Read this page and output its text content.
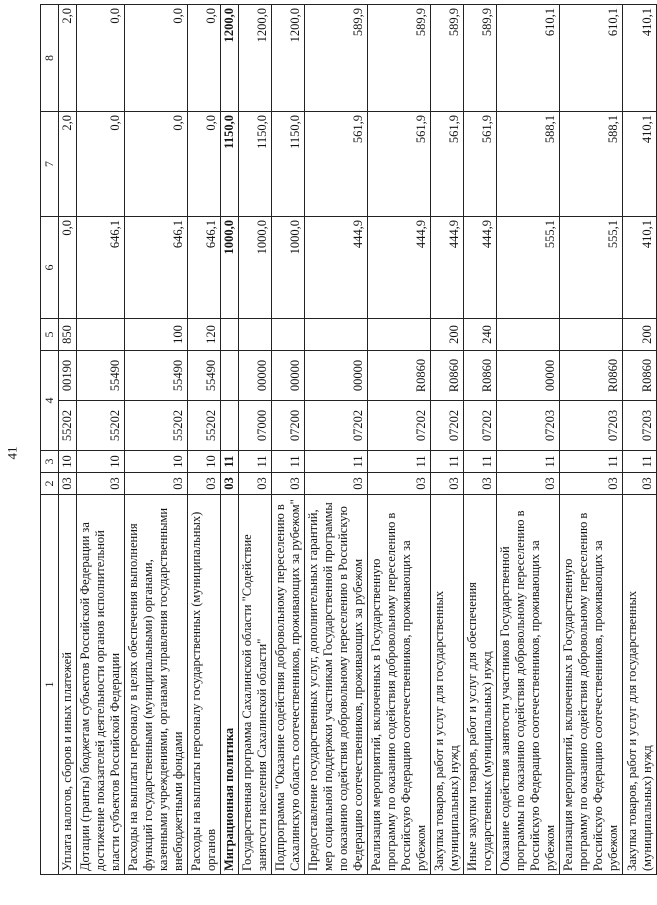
41
1	2	3	4		5	6	7	8
Уплата налогов, сборов и иных платежей	03	10	55202	00190	850	0,0	2,0	2,0
Дотации (гранты) бюджетам субъектов Российской Федерации за достижение показателей деятельности органов исполнительной власти субъектов Российской Федерации	03	10	55202	55490		646,1	0,0	0,0
Расходы на выплаты персоналу в целях обеспечения выполнения функций государственными (муниципальными) органами, казенными учреждениями, органами управления государственными внебюджетными фондами	03	10	55202	55490	100	646,1	0,0	0,0
Расходы на выплаты персоналу государственных (муниципальных) органов	03	10	55202	55490	120	646,1	0,0	0,0
Миграционная политика	03	11				1000,0	1150,0	1200,0
Государственная программа Сахалинской области "Содействие занятости населения Сахалинской области"	03	11	07000	00000		1000,0	1150,0	1200,0
Подпрограмма "Оказание содействия добровольному переселению в Сахалинскую область соотечественников, проживающих за рубежом"	03	11	07200	00000		1000,0	1150,0	1200,0
Предоставление государственных услуг, дополнительных гарантий, мер социальной поддержки участникам Государственной программы по оказанию содействия добровольному переселению в Российскую Федерацию соотечественников, проживающих за рубежом	03	11	07202	00000		444,9	561,9	589,9
Реализация мероприятий, включенных в Государственную программу по оказанию содействия добровольному переселению в Российскую Федерацию соотечественников, проживающих за рубежом	03	11	07202	R0860		444,9	561,9	589,9
Закупка товаров, работ и услуг для государственных (муниципальных) нужд	03	11	07202	R0860	200	444,9	561,9	589,9
Иные закупки товаров, работ и услуг для обеспечения государственных (муниципальных) нужд	03	11	07202	R0860	240	444,9	561,9	589,9
Оказание содействия занятости участников Государственной программы по оказанию содействия добровольному переселению в Российскую Федерацию соотечественников, проживающих за рубежом	03	11	07203	00000		555,1	588,1	610,1
Реализация мероприятий, включенных в Государственную программу по оказанию содействия добровольному переселению в Российскую Федерацию соотечественников, проживающих за рубежом	03	11	07203	R0860		555,1	588,1	610,1
Закупка товаров, работ и услуг для государственных (муниципальных) нужд	03	11	07203	R0860	200	410,1	410,1	410,1
